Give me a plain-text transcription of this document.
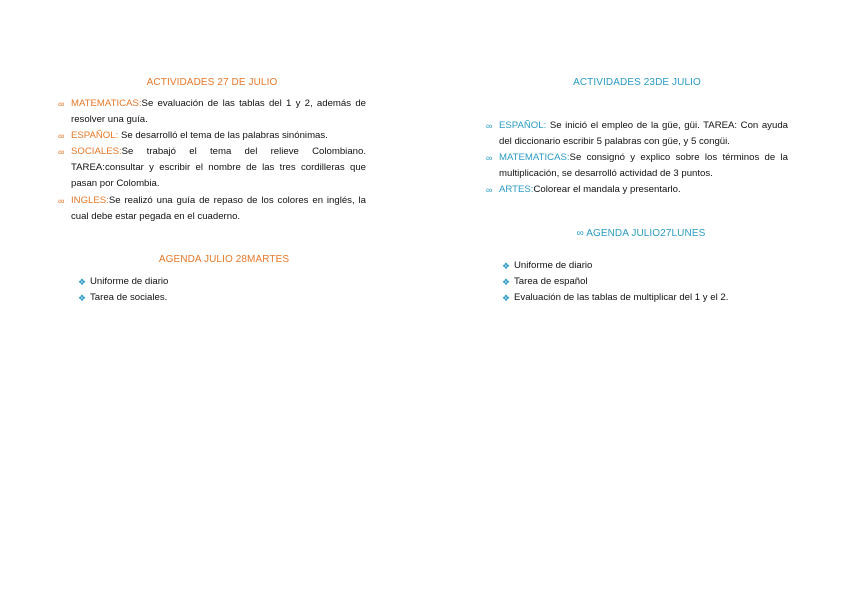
ACTIVIDADES 27 DE JULIO
∞ MATEMATICAS:Se evaluación de las tablas del 1 y 2, además de resolver una guía.
∞ ESPAÑOL: Se desarrolló el tema de las palabras sinónimas.
∞ SOCIALES:Se trabajó el tema del relieve Colombiano. TAREA:consultar y escribir el nombre de las tres cordilleras que pasan por Colombia.
∞ INGLES:Se realizó una guía de repaso de los colores en inglés, la cual debe estar pegada en el cuaderno.
AGENDA JULIO 28MARTES
❖ Uniforme de diario
❖ Tarea de sociales.
ACTIVIDADES 23DE JULIO
∞ ESPAÑOL: Se inició el empleo de la güe, güi. TAREA: Con ayuda del diccionario escribir 5 palabras con güe, y 5 congüi.
∞ MATEMATICAS:Se consignó y explico sobre los términos de la multiplicación, se desarrolló actividad de 3 puntos.
∞ ARTES:Colorear el mandala y presentarlo.
∞ AGENDA JULIO27LUNES
❖ Uniforme de diario
❖ Tarea de español
❖ Evaluación de las tablas de multiplicar del 1 y el 2.
